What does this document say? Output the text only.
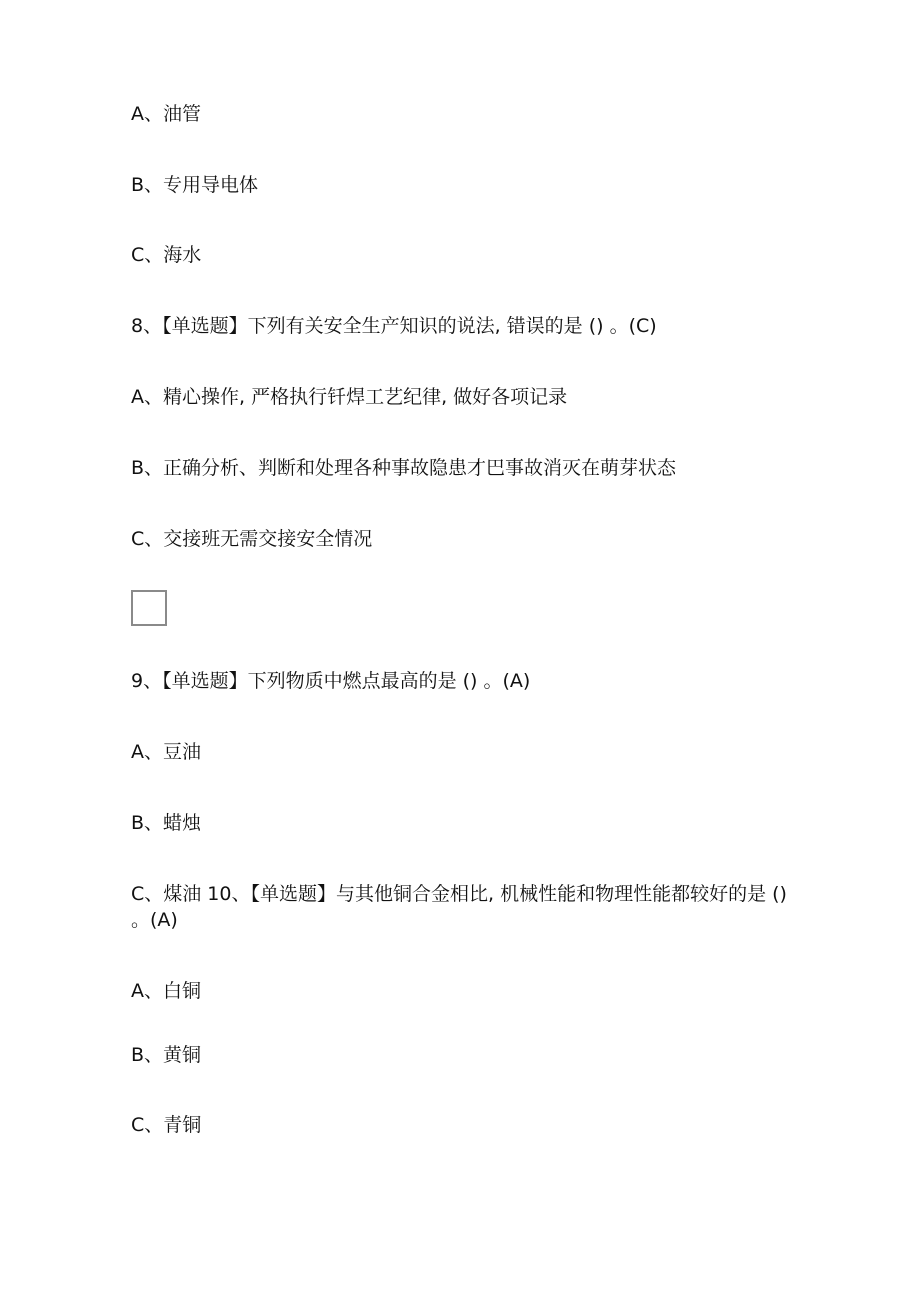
A、油管
B、专用导电体
C、海水
8、【单选题】下列有关安全生产知识的说法, 错误的是 () 。(C)
A、精心操作, 严格执行钎焊工艺纪律, 做好各项记录
B、正确分析、判断和处理各种事故隐患才巴事故消灭在萌芽状态
C、交接班无需交接安全情况
9、【单选题】下列物质中燃点最高的是 () 。(A)
A、豆油
B、蜡烛
C、煤油 10、【单选题】与其他铜合金相比, 机械性能和物理性能都较好的是 () 。(A)
A、白铜
B、黄铜
C、青铜
